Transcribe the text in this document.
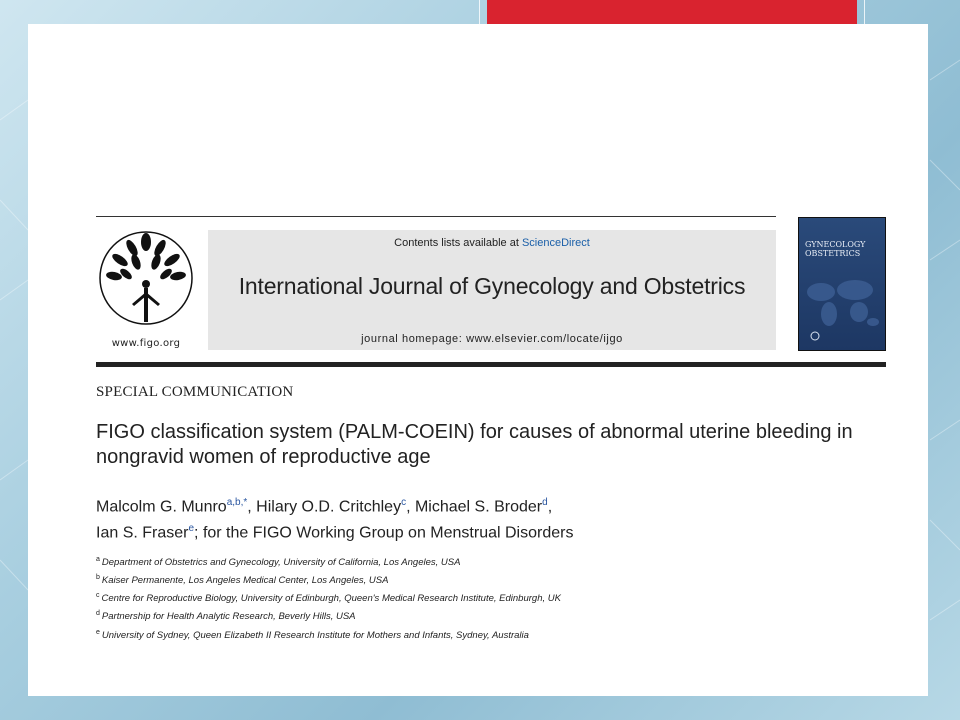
www.figo.org
Contents lists available at ScienceDirect
International Journal of Gynecology and Obstetrics
journal homepage: www.elsevier.com/locate/ijgo
GYNECOLOGY
OBSTETRICS
SPECIAL COMMUNICATION
FIGO classification system (PALM-COEIN) for causes of abnormal uterine bleeding in
nongravid women of reproductive age
Malcolm G. Munro$^{a,b,*}$, Hilary O.D. Critchley$^c$, Michael S. Broder$^d$,
Ian S. Fraser$^e$; for the FIGO Working Group on Menstrual Disorders
$^a$ Department of Obstetrics and Gynecology, University of California, Los Angeles, USA
$^b$ Kaiser Permanente, Los Angeles Medical Center, Los Angeles, USA
$^c$ Centre for Reproductive Biology, University of Edinburgh, Queen's Medical Research Institute, Edinburgh, UK
$^d$ Partnership for Health Analytic Research, Beverly Hills, USA
$^e$ University of Sydney, Queen Elizabeth II Research Institute for Mothers and Infants, Sydney, Australia
